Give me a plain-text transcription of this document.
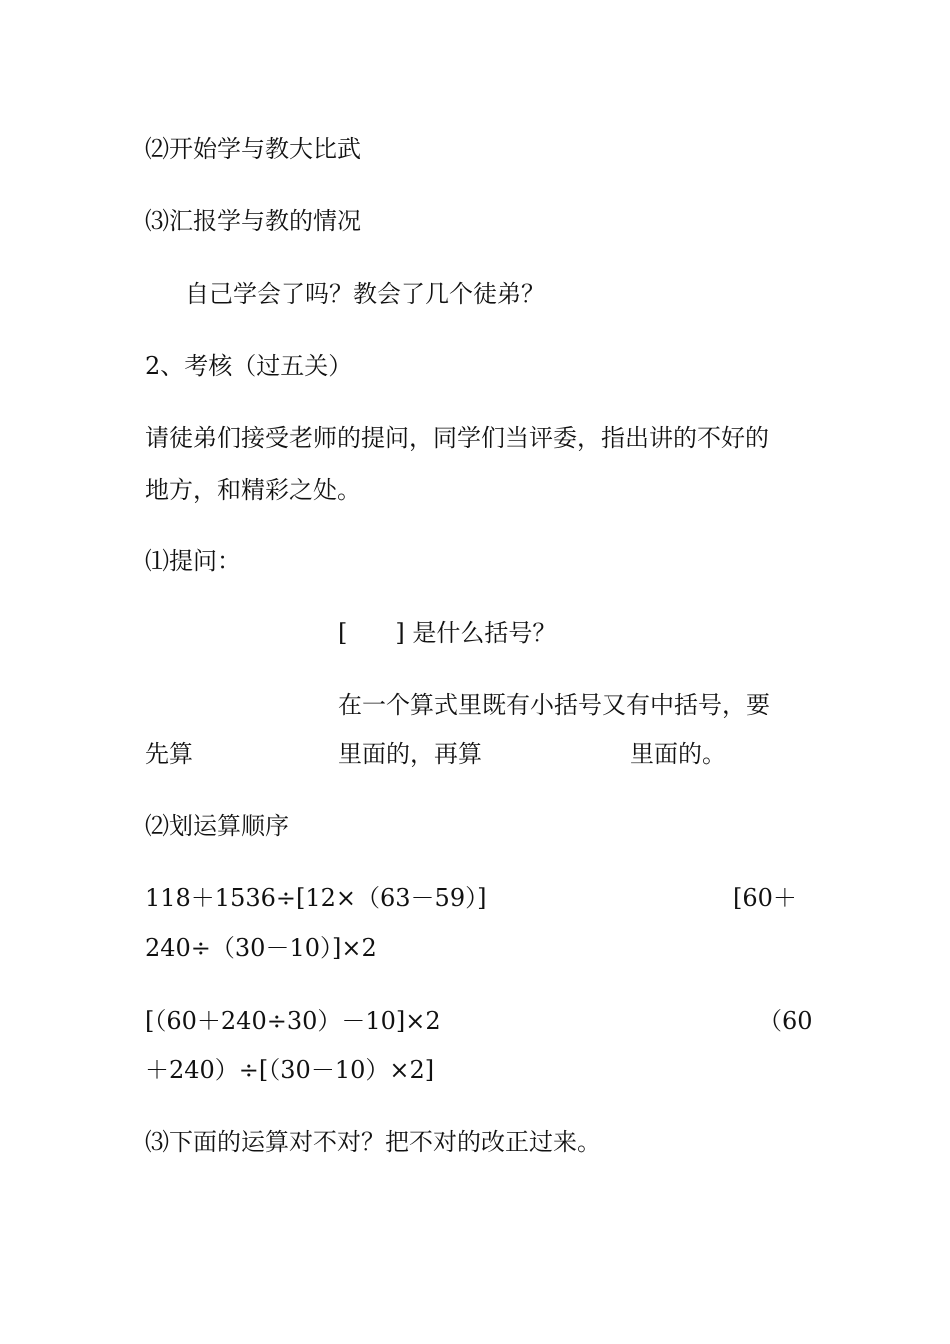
⑵开始学与教大比武
⑶汇报学与教的情况
自己学会了吗？教会了几个徒弟？
2、考核（过五关）
请徒弟们接受老师的提问，同学们当评委，指出讲的不好的
地方，和精彩之处。
⑴提问：
[　　] 是什么括号？
在一个算式里既有小括号又有中括号，要
先算	里面的，再算	里面的。
⑵划运算顺序
118＋1536÷[12×（63－59）]	[60＋
240÷（30－10）]×2
[（60＋240÷30）－10]×2	（60
＋240）÷[（30－10）×2]
⑶下面的运算对不对？把不对的改正过来。
